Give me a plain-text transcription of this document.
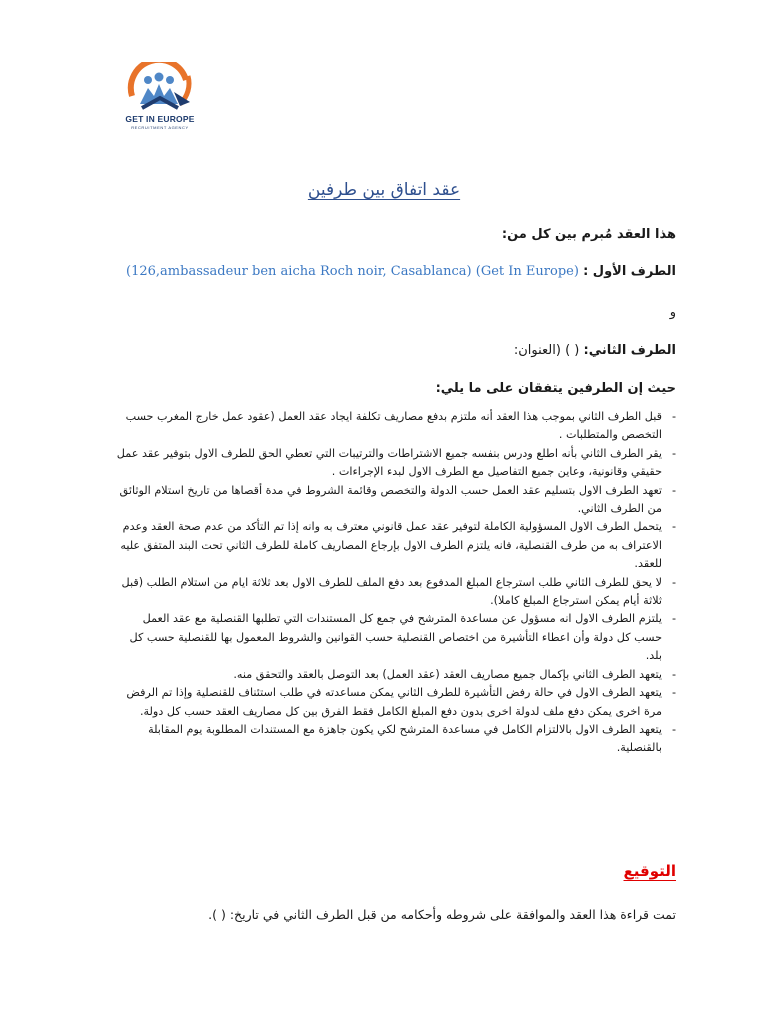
GET IN EUROPE
RECRUITMENT AGENCY
عقد اتفاق بين طرفين
هذا العقد مُبرم بين كل من:
الطرف الأول : (Get In Europe) (126,ambassadeur ben aicha Roch noir, Casablanca)
و
الطرف الثاني: ( ) (العنوان:
حيث إن الطرفين يتفقان على ما يلي:
-
قبل الطرف الثاني بموجب هذا العقد أنه ملتزم بدفع مصاريف تكلفة ايجاد عقد العمل (عقود عمل خارج المغرب حسب التخصص والمتطلبات .
-
يقر الطرف الثاني بأنه اطلع ودرس بنفسه جميع الاشتراطات والترتيبات التي تعطي الحق للطرف الاول بتوفير عقد عمل حقيقي وقانونية، وعاين جميع التفاصيل مع الطرف الاول لبدء الإجراءات .
-
تعهد الطرف الاول بتسليم عقد العمل حسب الدولة والتخصص وقائمة الشروط في مدة أقصاها من تاريخ استلام الوثائق من الطرف الثاني.
-
يتحمل الطرف الاول المسؤولية الكاملة لتوفير عقد عمل قانوني معترف به وانه إذا تم التأكد من عدم صحة العقد وعدم الاعتراف به من طرف القنصلية، فانه يلتزم الطرف الاول بإرجاع المصاريف كاملة للطرف الثاني تحت البند المتفق عليه للعقد.
-
لا يحق للطرف الثاني طلب استرجاع المبلغ المدفوع بعد دفع الملف للطرف الاول بعد ثلاثة ايام من استلام الطلب (قبل ثلاثة أيام يمكن استرجاع المبلغ كاملا).
-
يلتزم الطرف الاول انه مسؤول عن مساعدة المترشح في جمع كل المستندات التي تطلبها القنصلية مع عقد العمل حسب كل دولة وأن اعطاء التأشيرة من اختصاص القنصلية حسب القوانين والشروط المعمول بها للقنصلية حسب كل بلد.
-
يتعهد الطرف الثاني بإكمال جميع مصاريف العقد (عقد العمل) بعد التوصل بالعقد والتحقق منه.
-
يتعهد الطرف الاول في حالة رفض التأشيرة للطرف الثاني يمكن مساعدته في طلب استئناف للقنصلية وإذا تم الرفض مرة اخرى يمكن دفع ملف لدولة اخرى بدون دفع المبلغ الكامل فقط الفرق بين كل مصاريف العقد حسب كل دولة.
-
يتعهد الطرف الاول بالالتزام الكامل في مساعدة المترشح لكي يكون جاهزة مع المستندات المطلوبة يوم المقابلة بالقنصلية.
التوقيع
تمت قراءة هذا العقد والموافقة على شروطه وأحكامه من قبل الطرف الثاني في تاريخ: ( ).
